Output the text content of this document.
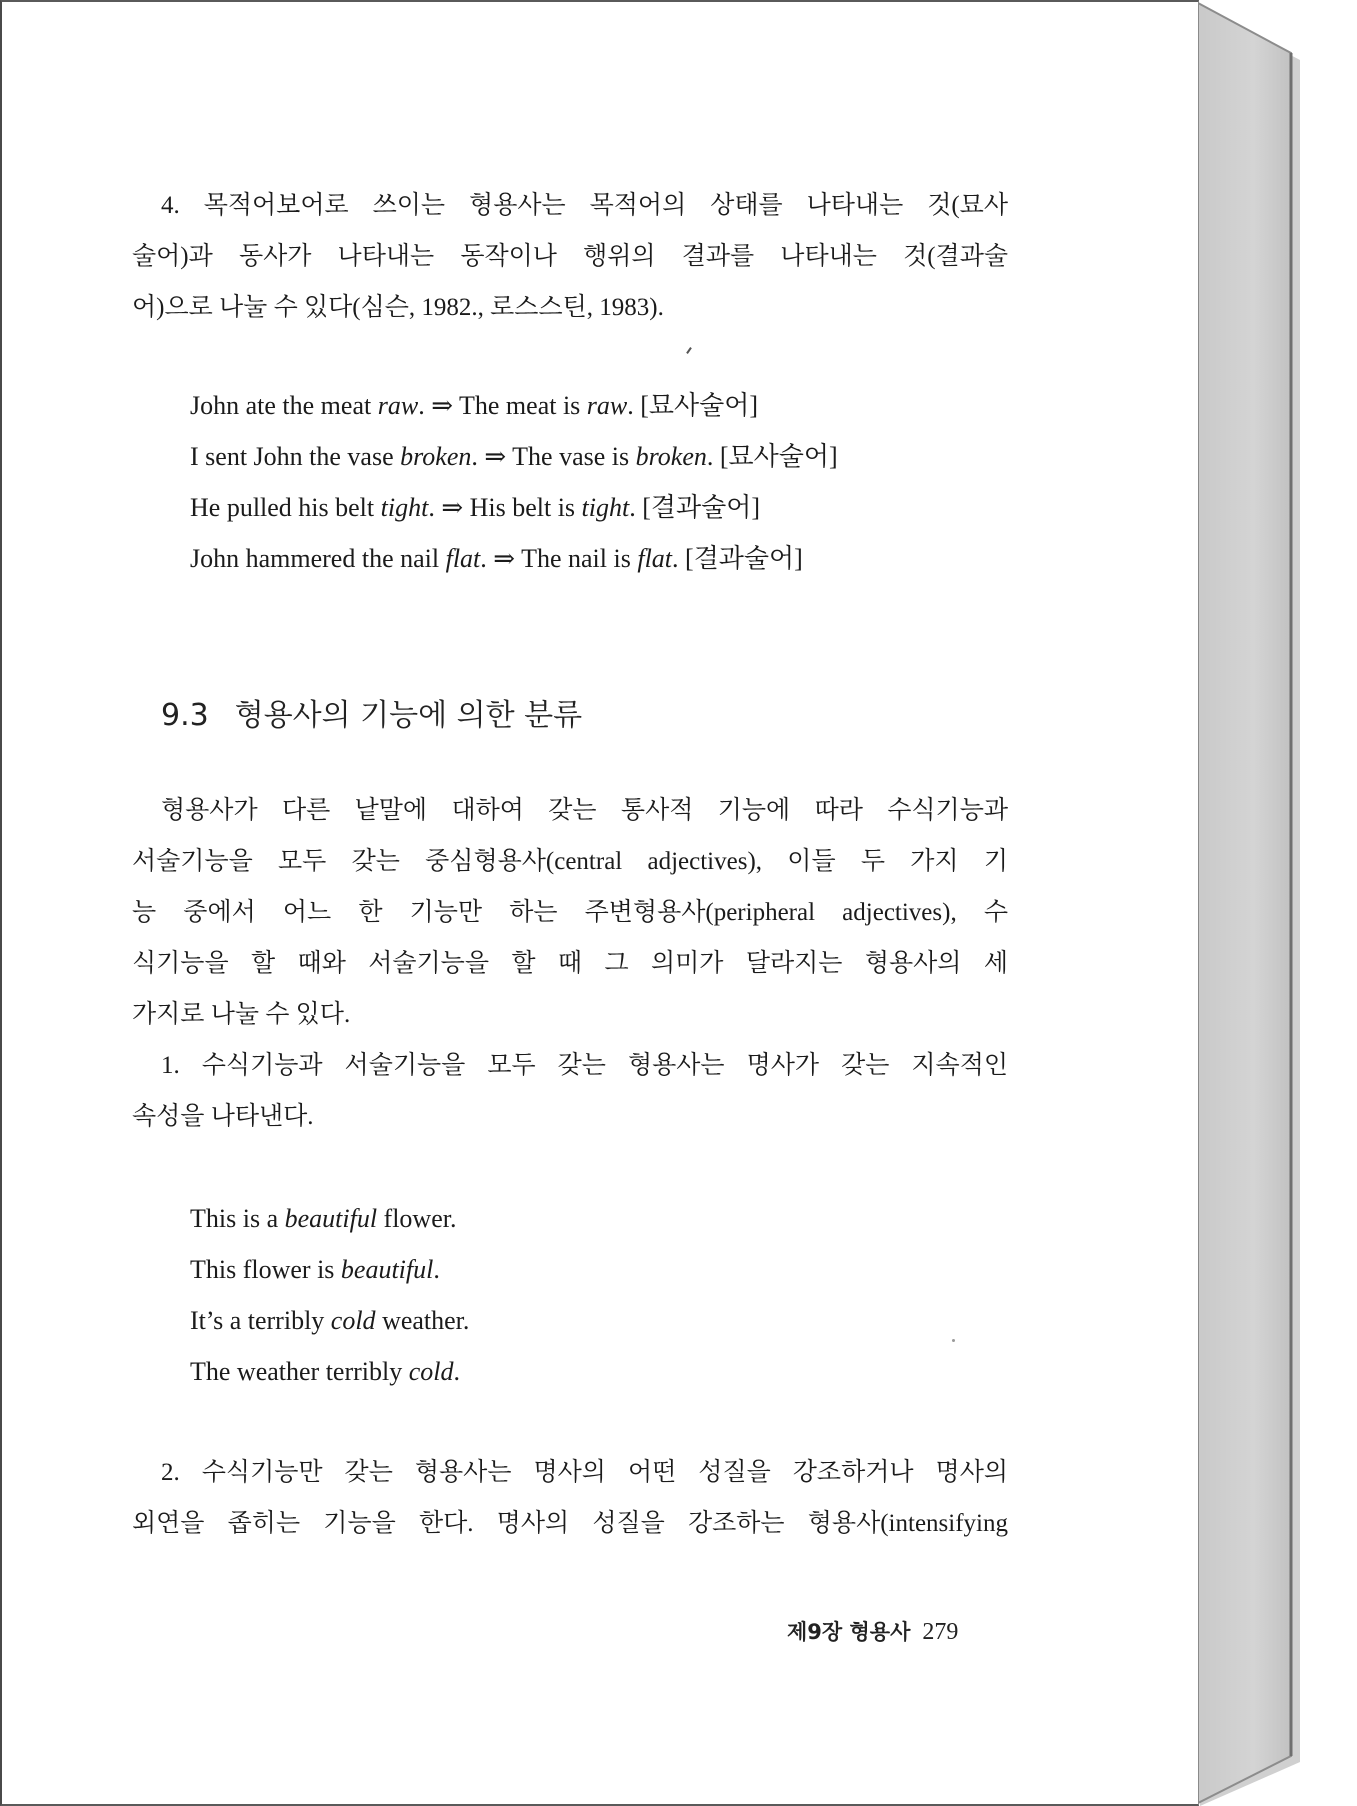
4. 목적어보어로 쓰이는 형용사는 목적어의 상태를 나타내는 것(묘사
술어)과 동사가 나타내는 동작이나 행위의 결과를 나타내는 것(결과술
어)으로 나눌 수 있다(심슨, 1982., 로스스틴, 1983).
John ate the meat raw. ⇒ The meat is raw. [묘사술어]
I sent John the vase broken. ⇒ The vase is broken. [묘사술어]
He pulled his belt tight. ⇒ His belt is tight. [결과술어]
John hammered the nail flat. ⇒ The nail is flat. [결과술어]
9.3 형용사의 기능에 의한 분류
형용사가 다른 낱말에 대하여 갖는 통사적 기능에 따라 수식기능과
서술기능을 모두 갖는 중심형용사(central adjectives), 이들 두 가지 기
능 중에서 어느 한 기능만 하는 주변형용사(peripheral adjectives), 수
식기능을 할 때와 서술기능을 할 때 그 의미가 달라지는 형용사의 세
가지로 나눌 수 있다.
1. 수식기능과 서술기능을 모두 갖는 형용사는 명사가 갖는 지속적인
속성을 나타낸다.
This is a beautiful flower.
This flower is beautiful.
It’s a terribly cold weather.
The weather terribly cold.
2. 수식기능만 갖는 형용사는 명사의 어떤 성질을 강조하거나 명사의
외연을 좁히는 기능을 한다. 명사의 성질을 강조하는 형용사(intensifying
제9장 형용사 279
